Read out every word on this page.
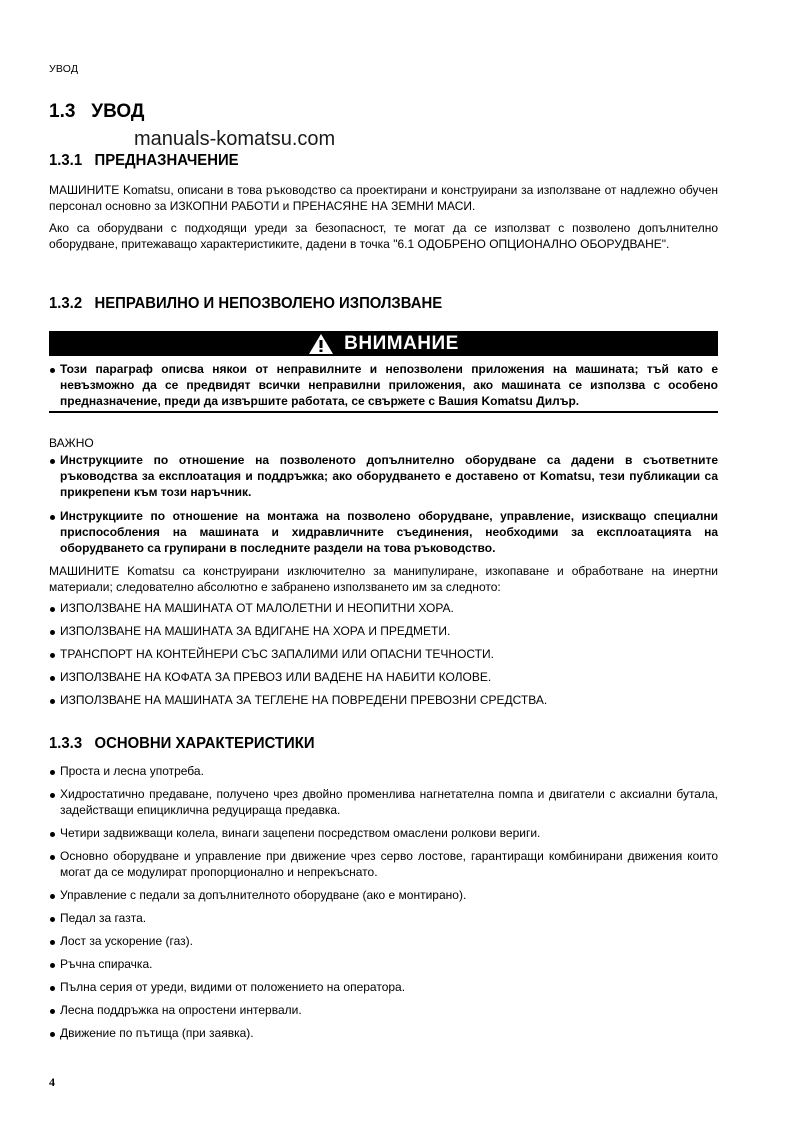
УВОД
1.3   УВОД
manuals-komatsu.com
1.3.1   ПРЕДНАЗНАЧЕНИЕ
МАШИНИТЕ Komatsu, описани в това ръководство са проектирани и конструирани за използване от надлежно обучен персонал основно за ИЗКОПНИ РАБОТИ и ПРЕНАСЯНЕ НА ЗЕМНИ МАСИ.
Ако са оборудвани с подходящи уреди за безопасност, те могат да се използват с позволено допълнително оборудване, притежаващо характеристиките, дадени в точка "6.1 ОДОБРЕНО ОПЦИОНАЛНО ОБОРУДВАНЕ".
1.3.2   НЕПРАВИЛНО И НЕПОЗВОЛЕНО ИЗПОЛЗВАНЕ
ВНИМАНИЕ
Този параграф описва някои от неправилните и непозволени приложения на машината; тъй като е невъзможно да се предвидят всички неправилни приложения, ако машината се използва с особено предназначение, преди да извършите работата, се свържете с Вашия Komatsu Дилър.
ВАЖНО
Инструкциите по отношение на позволеното допълнително оборудване са дадени в съответните ръководства за експлоатация и поддръжка; ако оборудването е доставено от Komatsu, тези публикации са прикрепени към този наръчник.
Инструкциите по отношение на монтажа на позволено оборудване, управление, изискващо специални приспособления на машината и хидравличните съединения, необходими за експлоатацията на оборудването са групирани в последните раздели на това ръководство.
МАШИНИТЕ Komatsu са конструирани изключително за манипулиране, изкопаване и обработване на инертни материали; следователно абсолютно е забранено използването им за следното:
ИЗПОЛЗВАНЕ НА МАШИНАТА ОТ МАЛОЛЕТНИ И НЕОПИТНИ ХОРА.
ИЗПОЛЗВАНЕ НА МАШИНАТА ЗА ВДИГАНЕ НА ХОРА И ПРЕДМЕТИ.
ТРАНСПОРТ НА КОНТЕЙНЕРИ СЪС ЗАПАЛИМИ ИЛИ ОПАСНИ ТЕЧНОСТИ.
ИЗПОЛЗВАНЕ НА КОФАТА ЗА ПРЕВОЗ ИЛИ ВАДЕНЕ НА НАБИТИ КОЛОВЕ.
ИЗПОЛЗВАНЕ НА МАШИНАТА ЗА ТЕГЛЕНЕ НА ПОВРЕДЕНИ ПРЕВОЗНИ СРЕДСТВА.
1.3.3   ОСНОВНИ ХАРАКТЕРИСТИКИ
Проста и лесна употреба.
Хидростатично предаване, получено чрез двойно променлива нагнетателна помпа и двигатели с аксиални бутала, задействащи епициклична редуцираща предавка.
Четири задвижващи колела, винаги зацепени посредством омаслени ролкови вериги.
Основно оборудване и управление при движение чрез серво лостове, гарантиращи комбинирани движения които могат да се модулират пропорционално и непрекъснато.
Управление с педали за допълнителното оборудване (ако е монтирано).
Педал за газта.
Лост за ускорение (газ).
Ръчна спирачка.
Пълна серия от уреди, видими от положението на оператора.
Лесна поддръжка на опростени интервали.
Движение по пътища (при заявка).
4
